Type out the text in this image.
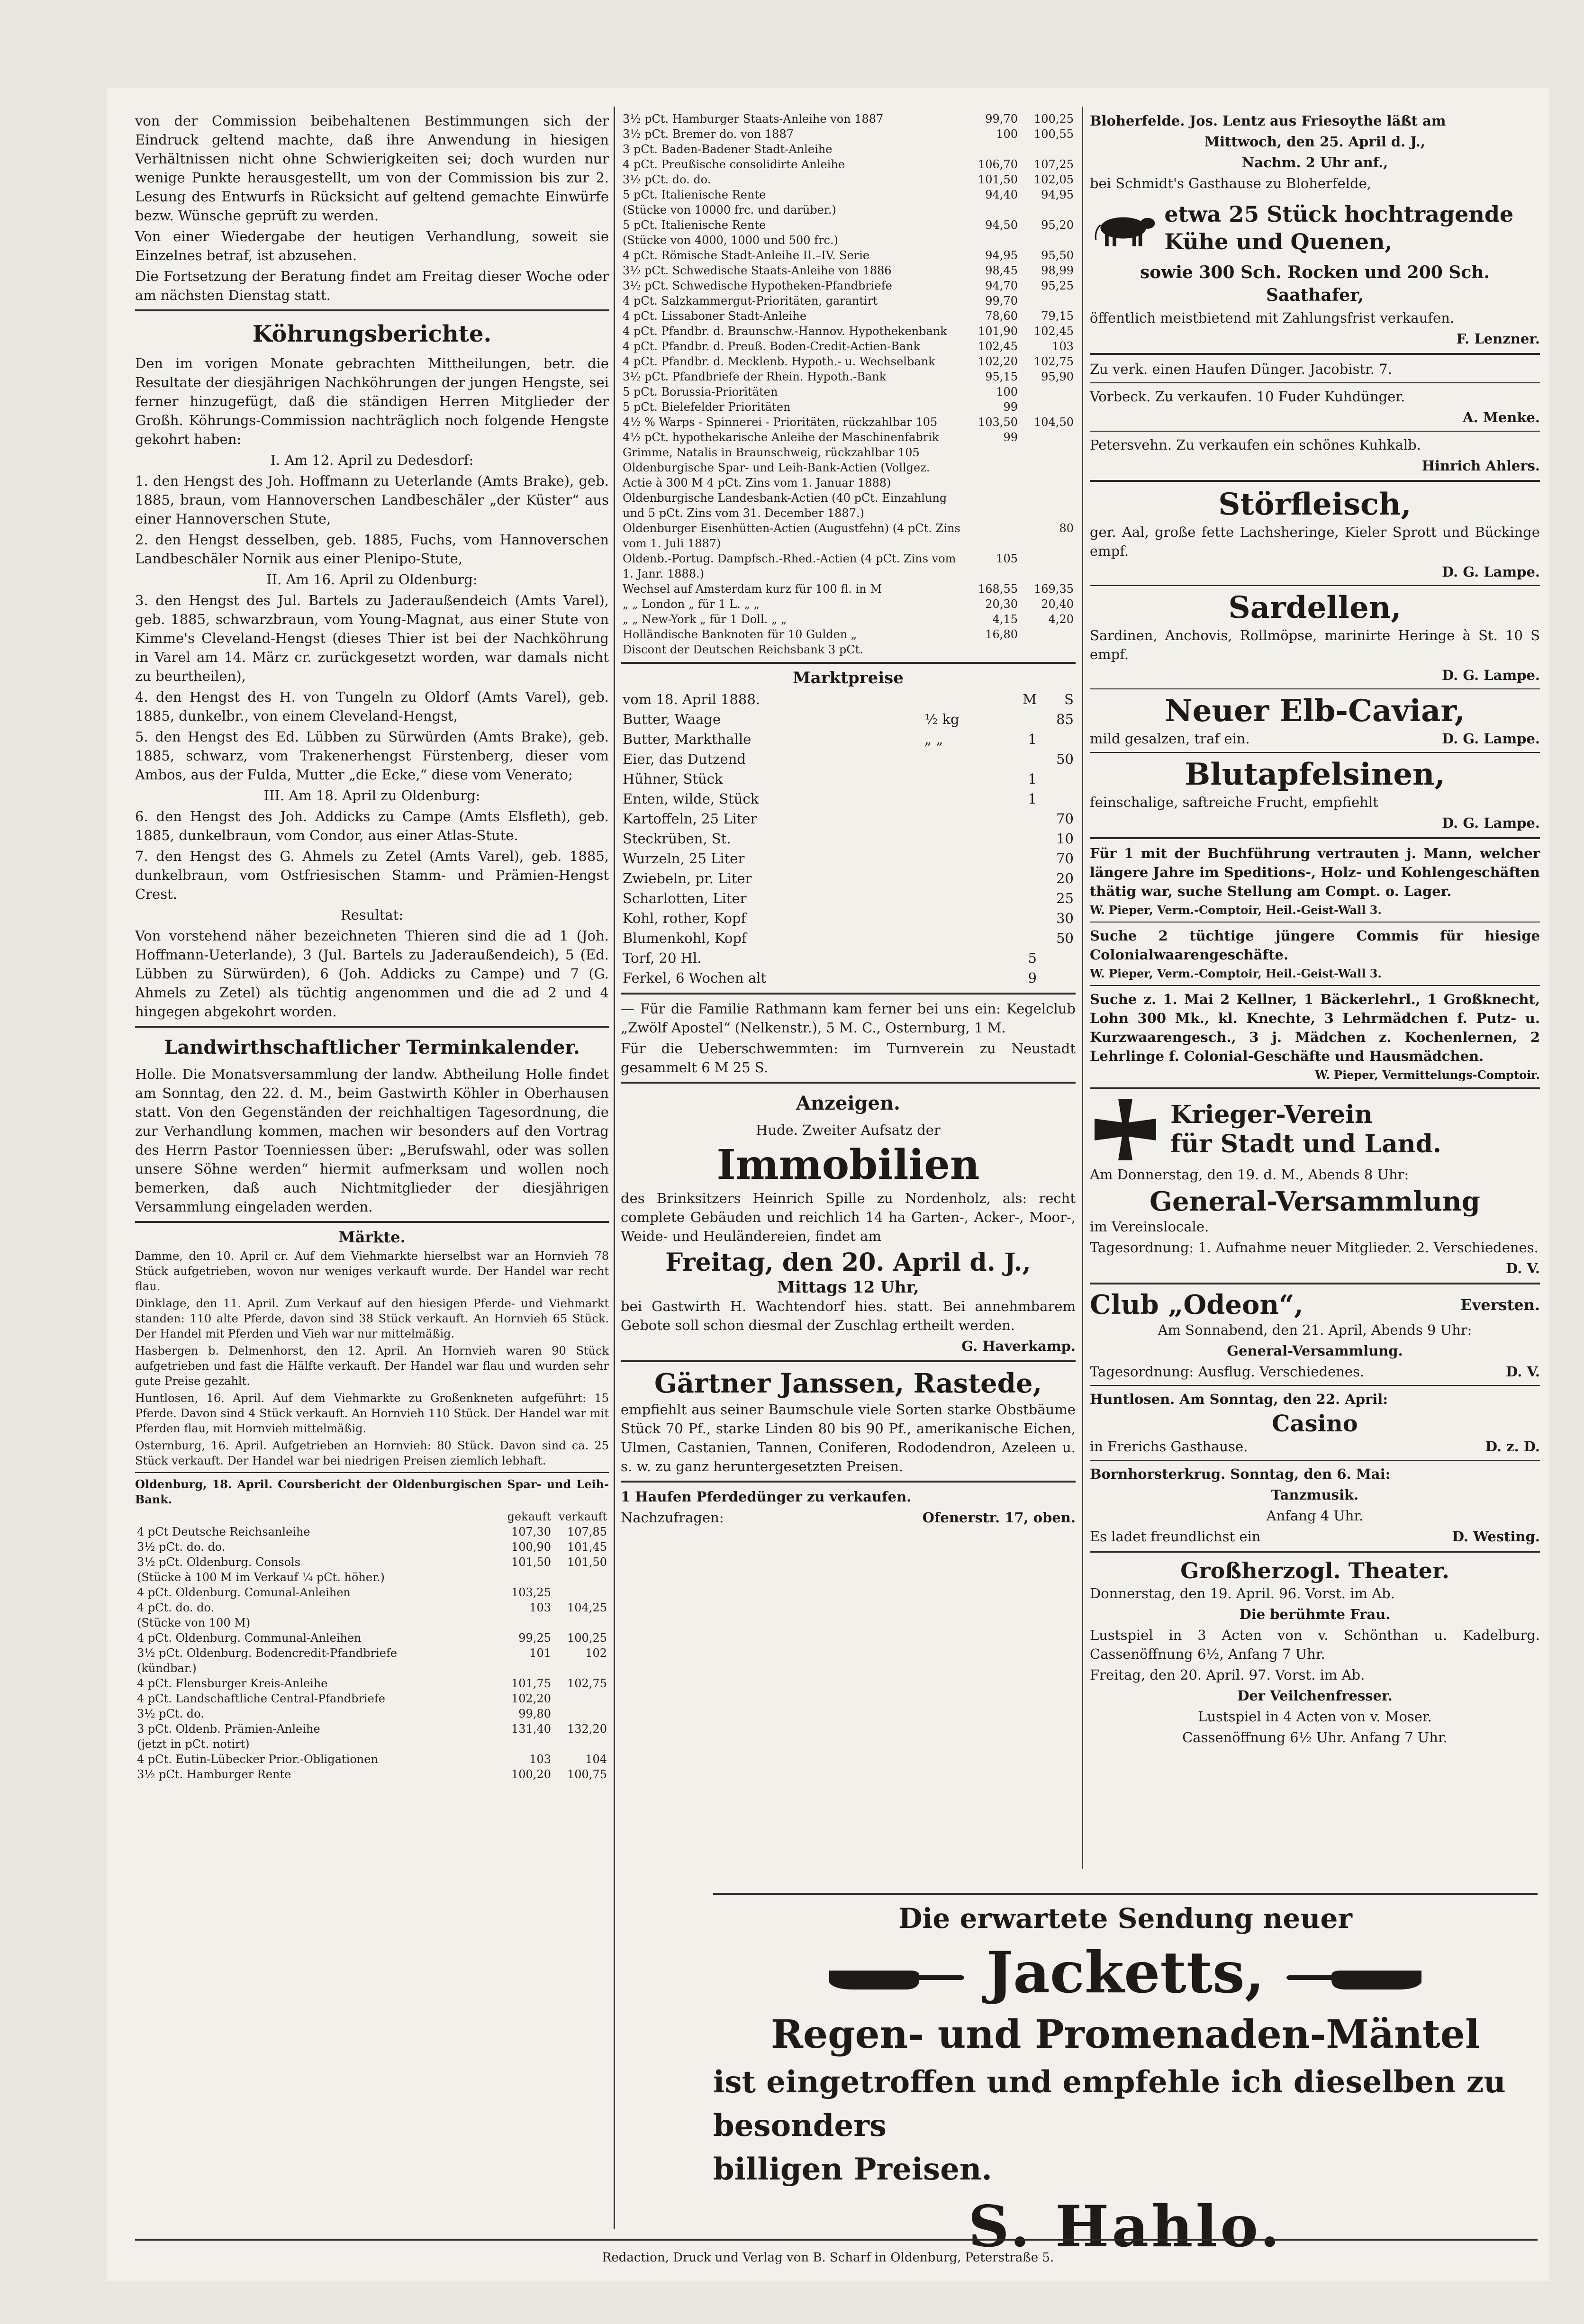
von der Commission beibehaltenen Bestimmungen sich der Eindruck geltend machte, daß ihre Anwendung in hiesigen Verhältnissen nicht ohne Schwierigkeiten sei; doch wurden nur wenige Punkte herausgestellt, um von der Commission bis zur 2. Lesung des Entwurfs in Rücksicht auf geltend gemachte Einwürfe bezw. Wünsche geprüft zu werden.

Von einer Wiedergabe der heutigen Verhandlung, soweit sie Einzelnes betraf, ist abzusehen.

Die Fortsetzung der Beratung findet am Freitag dieser Woche oder am nächsten Dienstag statt.

Köhrungsberichte.

Den im vorigen Monate gebrachten Mittheilungen, betr. die Resultate der diesjährigen Nachköhrungen der jungen Hengste, sei ferner hinzugefügt, daß die ständigen Herren Mitglieder der Großh. Köhrungs-Commission nachträglich noch folgende Hengste gekohrt haben:

I. Am 12. April zu Dedesdorf:

1. den Hengst des Joh. Hoffmann zu Ueterlande (Amts Brake), geb. 1885, braun, vom Hannoverschen Landbeschäler „der Küster“ aus einer Hannoverschen Stute,

2. den Hengst desselben, geb. 1885, Fuchs, vom Hannoverschen Landbeschäler Nornik aus einer Plenipo-Stute,

II. Am 16. April zu Oldenburg:

3. den Hengst des Jul. Bartels zu Jaderaußendeich (Amts Varel), geb. 1885, schwarzbraun, vom Young-Magnat, aus einer Stute von Kimme's Cleveland-Hengst (dieses Thier ist bei der Nachköhrung in Varel am 14. März cr. zurückgesetzt worden, war damals nicht zu beurtheilen),

4. den Hengst des H. von Tungeln zu Oldorf (Amts Varel), geb. 1885, dunkelbr., von einem Cleveland-Hengst,

5. den Hengst des Ed. Lübben zu Sürwürden (Amts Brake), geb. 1885, schwarz, vom Trakenerhengst Fürstenberg, dieser vom Ambos, aus der Fulda, Mutter „die Ecke,“ diese vom Venerato;

III. Am 18. April zu Oldenburg:

6. den Hengst des Joh. Addicks zu Campe (Amts Elsfleth), geb. 1885, dunkelbraun, vom Condor, aus einer Atlas-Stute.

7. den Hengst des G. Ahmels zu Zetel (Amts Varel), geb. 1885, dunkelbraun, vom Ostfriesischen Stamm- und Prämien-Hengst Crest.

Resultat:

Von vorstehend näher bezeichneten Thieren sind die ad 1 (Joh. Hoffmann-Ueterlande), 3 (Jul. Bartels zu Jaderaußendeich), 5 (Ed. Lübben zu Sürwürden), 6 (Joh. Addicks zu Campe) und 7 (G. Ahmels zu Zetel) als tüchtig angenommen und die ad 2 und 4 hingegen abgekohrt worden.

Landwirthschaftlicher Terminkalender.

Holle. Die Monatsversammlung der landw. Abtheilung Holle findet am Sonntag, den 22. d. M., beim Gastwirth Köhler in Oberhausen statt. Von den Gegenständen der reichhaltigen Tagesordnung, die zur Verhandlung kommen, machen wir besonders auf den Vortrag des Herrn Pastor Toenniessen über: „Berufswahl, oder was sollen unsere Söhne werden“ hiermit aufmerksam und wollen noch bemerken, daß auch Nichtmitglieder der diesjährigen Versammlung eingeladen werden.

Märkte.

Damme, den 10. April cr. Auf dem Viehmarkte hierselbst war an Hornvieh 78 Stück aufgetrieben, wovon nur weniges verkauft wurde. Der Handel war recht flau.

Dinklage, den 11. April. Zum Verkauf auf den hiesigen Pferde- und Viehmarkt standen: 110 alte Pferde, davon sind 38 Stück verkauft. An Hornvieh 65 Stück. Der Handel mit Pferden und Vieh war nur mittelmäßig.

Hasbergen b. Delmenhorst, den 12. April. An Hornvieh waren 90 Stück aufgetrieben und fast die Hälfte verkauft. Der Handel war flau und wurden sehr gute Preise gezahlt.

Huntlosen, 16. April. Auf dem Viehmarkte zu Großenkneten aufgeführt: 15 Pferde. Davon sind 4 Stück verkauft. An Hornvieh 110 Stück. Der Handel war mit Pferden flau, mit Hornvieh mittelmäßig.

Osternburg, 16. April. Aufgetrieben an Hornvieh: 80 Stück. Davon sind ca. 25 Stück verkauft. Der Handel war bei niedrigen Preisen ziemlich lebhaft.

Oldenburg, 18. April. Coursbericht der Oldenburgischen Spar- und Leih-Bank.

	gekauft	verkauft
4 pCt Deutsche Reichsanleihe	107,30	107,85
3½ pCt. do. do.	100,90	101,45
3½ pCt. Oldenburg. Consols	101,50	101,50
(Stücke à 100 M im Verkauf ¼ pCt. höher.)		
4 pCt. Oldenburg. Comunal-Anleihen	103,25	
4 pCt. do. do.	103	104,25
(Stücke von 100 M)		
4 pCt. Oldenburg. Communal-Anleihen	99,25	100,25
3½ pCt. Oldenburg. Bodencredit-Pfandbriefe	101	102
(kündbar.)		
4 pCt. Flensburger Kreis-Anleihe	101,75	102,75
4 pCt. Landschaftliche Central-Pfandbriefe	102,20	
3½ pCt. do.	99,80	
3 pCt. Oldenb. Prämien-Anleihe	131,40	132,20
(jetzt in pCt. notirt)		
4 pCt. Eutin-Lübecker Prior.-Obligationen	103	104
3½ pCt. Hamburger Rente	100,20	100,75
3½ pCt. Hamburger Staats-Anleihe von 1887	99,70	100,25
3½ pCt. Bremer do. von 1887	100	100,55
3 pCt. Baden-Badener Stadt-Anleihe		
4 pCt. Preußische consolidirte Anleihe	106,70	107,25
3½ pCt. do. do.	101,50	102,05
5 pCt. Italienische Rente	94,40	94,95
(Stücke von 10000 frc. und darüber.)		
5 pCt. Italienische Rente	94,50	95,20
(Stücke von 4000, 1000 und 500 frc.)		
4 pCt. Römische Stadt-Anleihe II.–IV. Serie	94,95	95,50
3½ pCt. Schwedische Staats-Anleihe von 1886	98,45	98,99
3½ pCt. Schwedische Hypotheken-Pfandbriefe	94,70	95,25
4 pCt. Salzkammergut-Prioritäten, garantirt	99,70	
4 pCt. Lissaboner Stadt-Anleihe	78,60	79,15
4 pCt. Pfandbr. d. Braunschw.-Hannov. Hypothekenbank	101,90	102,45
4 pCt. Pfandbr. d. Preuß. Boden-Credit-Actien-Bank	102,45	103
4 pCt. Pfandbr. d. Mecklenb. Hypoth.- u. Wechselbank	102,20	102,75
3½ pCt. Pfandbriefe der Rhein. Hypoth.-Bank	95,15	95,90
5 pCt. Borussia-Prioritäten	100	
5 pCt. Bielefelder Prioritäten	99	
4½ % Warps - Spinnerei - Prioritäten, rückzahlbar 105	103,50	104,50
4½ pCt. hypothekarische Anleihe der Maschinenfabrik Grimme, Natalis in Braunschweig, rückzahlbar 105	99	
Oldenburgische Spar- und Leih-Bank-Actien (Vollgez. Actie à 300 M 4 pCt. Zins vom 1. Januar 1888)		
Oldenburgische Landesbank-Actien (40 pCt. Einzahlung und 5 pCt. Zins vom 31. December 1887.)		
Oldenburger Eisenhütten-Actien (Augustfehn) (4 pCt. Zins vom 1. Juli 1887)		80
Oldenb.-Portug. Dampfsch.-Rhed.-Actien (4 pCt. Zins vom 1. Janr. 1888.)	105	
Wechsel auf Amsterdam kurz für 100 fl. in M	168,55	169,35
„ „ London „ für 1 L. „ „	20,30	20,40
„ „ New-York „ für 1 Doll. „ „	4,15	4,20
Holländische Banknoten für 10 Gulden „	16,80	
Discont der Deutschen Reichsbank 3 pCt.		
Marktpreise
vom 18. April 1888.		M	S
Butter, Waage	½ kg		85
Butter, Markthalle	„ „	1	
Eier, das Dutzend			50
Hühner, Stück		1	
Enten, wilde, Stück		1	
Kartoffeln, 25 Liter			70
Steckrüben, St.			10
Wurzeln, 25 Liter			70
Zwiebeln, pr. Liter			20
Scharlotten, Liter			25
Kohl, rother, Kopf			30
Blumenkohl, Kopf			50
Torf, 20 Hl.		5	
Ferkel, 6 Wochen alt		9	

— Für die Familie Rathmann kam ferner bei uns ein: Kegelclub „Zwölf Apostel“ (Nelkenstr.), 5 M. C., Osternburg, 1 M.

Für die Ueberschwemmten: im Turnverein zu Neustadt gesammelt 6 M 25 S.

Anzeigen.

Hude. Zweiter Aufsatz der

Immobilien

des Brinksitzers Heinrich Spille zu Nordenholz, als: recht complete Gebäuden und reichlich 14 ha Garten-, Acker-, Moor-, Weide- und Heuländereien, findet am

Freitag, den 20. April d. J.,
Mittags 12 Uhr,

bei Gastwirth H. Wachtendorf hies. statt. Bei annehmbarem Gebote soll schon diesmal der Zuschlag ertheilt werden.

G. Haverkamp.

Gärtner Janssen, Rastede,

empfiehlt aus seiner Baumschule viele Sorten starke Obstbäume Stück 70 Pf., starke Linden 80 bis 90 Pf., amerikanische Eichen, Ulmen, Castanien, Tannen, Coniferen, Rododendron, Azeleen u. s. w. zu ganz heruntergesetzten Preisen.

1 Haufen Pferdedünger zu verkaufen.

Nachzufragen:	Ofenerstr. 17, oben.

Bloherfelde. Jos. Lentz aus Friesoythe läßt am

Mittwoch, den 25. April d. J.,

Nachm. 2 Uhr anf.,

bei Schmidt's Gasthause zu Bloherfelde,

etwa 25 Stück hochtragende Kühe und Quenen,

sowie 300 Sch. Rocken und 200 Sch. Saathafer,

öffentlich meistbietend mit Zahlungsfrist verkaufen.

F. Lenzner.

Zu verk. einen Haufen Dünger. Jacobistr. 7.

Vorbeck. Zu verkaufen. 10 Fuder Kuhdünger.

A. Menke.

Petersvehn. Zu verkaufen ein schönes Kuhkalb.

Hinrich Ahlers.

Störfleisch,

ger. Aal, große fette Lachsheringe, Kieler Sprott und Bückinge empf.

D. G. Lampe.

Sardellen,

Sardinen, Anchovis, Rollmöpse, marinirte Heringe à St. 10 S empf.

D. G. Lampe.

Neuer Elb-Caviar,

mild gesalzen, traf ein.	D. G. Lampe.

Blutapfelsinen,

feinschalige, saftreiche Frucht, empfiehlt

D. G. Lampe.

Für 1 mit der Buchführung vertrauten j. Mann, welcher längere Jahre im Speditions-, Holz- und Kohlengeschäften thätig war, suche Stellung am Compt. o. Lager.

W. Pieper, Verm.-Comptoir, Heil.-Geist-Wall 3.

Suche 2 tüchtige jüngere Commis für hiesige Colonialwaarengeschäfte.

W. Pieper, Verm.-Comptoir, Heil.-Geist-Wall 3.

Suche z. 1. Mai 2 Kellner, 1 Bäckerlehrl., 1 Großknecht, Lohn 300 Mk., kl. Knechte, 3 Lehrmädchen f. Putz- u. Kurzwaarengesch., 3 j. Mädchen z. Kochenlernen, 2 Lehrlinge f. Colonial-Geschäfte und Hausmädchen.

W. Pieper, Vermittelungs-Comptoir.

Krieger-Verein
für Stadt und Land.

Am Donnerstag, den 19. d. M., Abends 8 Uhr:

General-Versammlung

im Vereinslocale.

Tagesordnung: 1. Aufnahme neuer Mitglieder. 2. Verschiedenes.

D. V.

Club „Odeon“,	Eversten.

Am Sonnabend, den 21. April, Abends 9 Uhr:

General-Versammlung.

Tagesordnung: Ausflug. Verschiedenes.	D. V.

Huntlosen. Am Sonntag, den 22. April:

Casino

in Frerichs Gasthause.	D. z. D.

Bornhorsterkrug. Sonntag, den 6. Mai:

Tanzmusik.

Anfang 4 Uhr.

Es ladet freundlichst ein	D. Westing.

Großherzogl. Theater.

Donnerstag, den 19. April. 96. Vorst. im Ab.

Die berühmte Frau.

Lustspiel in 3 Acten von v. Schönthan u. Kadelburg. Cassenöffnung 6½, Anfang 7 Uhr.

Freitag, den 20. April. 97. Vorst. im Ab.

Der Veilchenfresser.

Lustspiel in 4 Acten von v. Moser.

Cassenöffnung 6½ Uhr. Anfang 7 Uhr.

Die erwartete Sendung neuer
Jacketts,
Regen- und Promenaden-Mäntel
ist eingetroffen und empfehle ich dieselben zu besonders
billigen Preisen.
S. Hahlo.
Redaction, Druck und Verlag von B. Scharf in Oldenburg, Peterstraße 5.
